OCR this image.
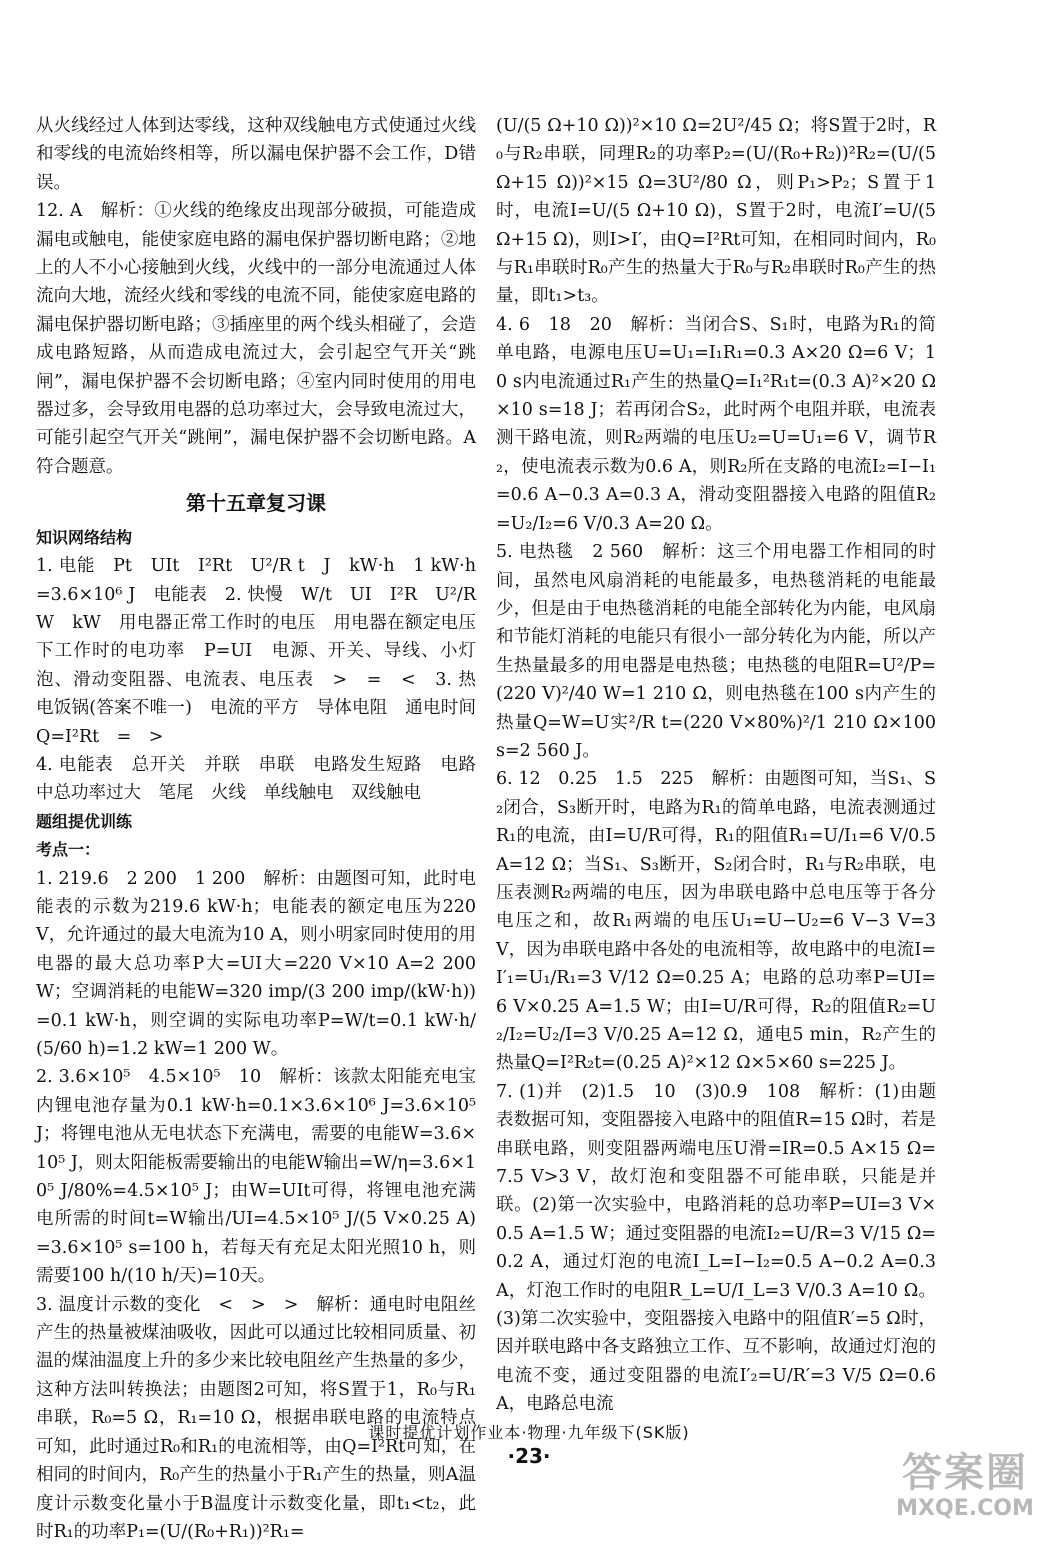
从火线经过人体到达零线，这种双线触电方式使通过火线和零线的电流始终相等，所以漏电保护器不会工作，D错误。

12. A　解析：①火线的绝缘皮出现部分破损，可能造成漏电或触电，能使家庭电路的漏电保护器切断电路；②地上的人不小心接触到火线，火线中的一部分电流通过人体流向大地，流经火线和零线的电流不同，能使家庭电路的漏电保护器切断电路；③插座里的两个线头相碰了，会造成电路短路，从而造成电流过大，会引起空气开关“跳闸”，漏电保护器不会切断电路；④室内同时使用的用电器过多，会导致用电器的总功率过大，会导致电流过大，可能引起空气开关“跳闸”，漏电保护器不会切断电路。A符合题意。

第十五章复习课
知识网络结构

1. 电能　Pt　UIt　I²Rt　U²/R t　J　kW·h　1 kW·h=3.6×10⁶ J　电能表　2. 快慢　W/t　UI　I²R　U²/R　W　kW　用电器正常工作时的电压　用电器在额定电压下工作时的电功率　P=UI　电源、开关、导线、小灯泡、滑动变阻器、电流表、电压表　>　=　<　3. 热　电饭锅(答案不唯一)　电流的平方　导体电阻　通电时间　Q=I²Rt　=　>

4. 电能表　总开关　并联　串联　电路发生短路　电路中总功率过大　笔尾　火线　单线触电　双线触电

题组提优训练
考点一：

1. 219.6　2 200　1 200　解析：由题图可知，此时电能表的示数为219.6 kW·h；电能表的额定电压为220 V，允许通过的最大电流为10 A，则小明家同时使用的用电器的最大总功率P大=UI大=220 V×10 A=2 200 W；空调消耗的电能W=320 imp/(3 200 imp/(kW·h))=0.1 kW·h，则空调的实际电功率P=W/t=0.1 kW·h/(5/60 h)=1.2 kW=1 200 W。

2. 3.6×10⁵　4.5×10⁵　10　解析：该款太阳能充电宝内锂电池存量为0.1 kW·h=0.1×3.6×10⁶ J=3.6×10⁵ J；将锂电池从无电状态下充满电，需要的电能W=3.6×10⁵ J，则太阳能板需要输出的电能W输出=W/η=3.6×10⁵ J/80%=4.5×10⁵ J；由W=UIt可得，将锂电池充满电所需的时间t=W输出/UI=4.5×10⁵ J/(5 V×0.25 A)=3.6×10⁵ s=100 h，若每天有充足太阳光照10 h，则需要100 h/(10 h/天)=10天。

3. 温度计示数的变化　<　>　>　解析：通电时电阻丝产生的热量被煤油吸收，因此可以通过比较相同质量、初温的煤油温度上升的多少来比较电阻丝产生热量的多少，这种方法叫转换法；由题图2可知，将S置于1，R₀与R₁串联，R₀=5 Ω，R₁=10 Ω，根据串联电路的电流特点可知，此时通过R₀和R₁的电流相等，由Q=I²Rt可知，在相同的时间内，R₀产生的热量小于R₁产生的热量，则A温度计示数变化量小于B温度计示数变化量，即t₁<t₂，此时R₁的功率P₁=(U/(R₀+R₁))²R₁=

(U/(5 Ω+10 Ω))²×10 Ω=2U²/45 Ω；将S置于2时，R₀与R₂串联，同理R₂的功率P₂=(U/(R₀+R₂))²R₂=(U/(5 Ω+15 Ω))²×15 Ω=3U²/80 Ω，则P₁>P₂；S置于1时，电流I=U/(5 Ω+10 Ω)，S置于2时，电流I′=U/(5 Ω+15 Ω)，则I>I′，由Q=I²Rt可知，在相同时间内，R₀与R₁串联时R₀产生的热量大于R₀与R₂串联时R₀产生的热量，即t₁>t₃。

4. 6　18　20　解析：当闭合S、S₁时，电路为R₁的简单电路，电源电压U=U₁=I₁R₁=0.3 A×20 Ω=6 V；10 s内电流通过R₁产生的热量Q=I₁²R₁t=(0.3 A)²×20 Ω×10 s=18 J；若再闭合S₂，此时两个电阻并联，电流表测干路电流，则R₂两端的电压U₂=U=U₁=6 V，调节R₂，使电流表示数为0.6 A，则R₂所在支路的电流I₂=I−I₁=0.6 A−0.3 A=0.3 A，滑动变阻器接入电路的阻值R₂=U₂/I₂=6 V/0.3 A=20 Ω。

5. 电热毯　2 560　解析：这三个用电器工作相同的时间，虽然电风扇消耗的电能最多，电热毯消耗的电能最少，但是由于电热毯消耗的电能全部转化为内能，电风扇和节能灯消耗的电能只有很小一部分转化为内能，所以产生热量最多的用电器是电热毯；电热毯的电阻R=U²/P=(220 V)²/40 W=1 210 Ω，则电热毯在100 s内产生的热量Q=W=U实²/R t=(220 V×80%)²/1 210 Ω×100 s=2 560 J。

6. 12　0.25　1.5　225　解析：由题图可知，当S₁、S₂闭合，S₃断开时，电路为R₁的简单电路，电流表测通过R₁的电流，由I=U/R可得，R₁的阻值R₁=U/I₁=6 V/0.5 A=12 Ω；当S₁、S₃断开，S₂闭合时，R₁与R₂串联，电压表测R₂两端的电压，因为串联电路中总电压等于各分电压之和，故R₁两端的电压U₁=U−U₂=6 V−3 V=3 V，因为串联电路中各处的电流相等，故电路中的电流I=I′₁=U₁/R₁=3 V/12 Ω=0.25 A；电路的总功率P=UI=6 V×0.25 A=1.5 W；由I=U/R可得，R₂的阻值R₂=U₂/I₂=U₂/I=3 V/0.25 A=12 Ω，通电5 min，R₂产生的热量Q=I²R₂t=(0.25 A)²×12 Ω×5×60 s=225 J。

7. (1)并　(2)1.5　10　(3)0.9　108　解析：(1)由题表数据可知，变阻器接入电路中的阻值R=15 Ω时，若是串联电路，则变阻器两端电压U滑=IR=0.5 A×15 Ω=7.5 V>3 V，故灯泡和变阻器不可能串联，只能是并联。(2)第一次实验中，电路消耗的总功率P=UI=3 V×0.5 A=1.5 W；通过变阻器的电流I₂=U/R=3 V/15 Ω=0.2 A，通过灯泡的电流I_L=I−I₂=0.5 A−0.2 A=0.3 A，灯泡工作时的电阻R_L=U/I_L=3 V/0.3 A=10 Ω。(3)第二次实验中，变阻器接入电路中的阻值R′=5 Ω时，因并联电路中各支路独立工作、互不影响，故通过灯泡的电流不变，通过变阻器的电流I′₂=U/R′=3 V/5 Ω=0.6 A，电路总电流

课时提优计划作业本·物理·九年级下(SK版)
·23·	答案圈
MXQE.COM
